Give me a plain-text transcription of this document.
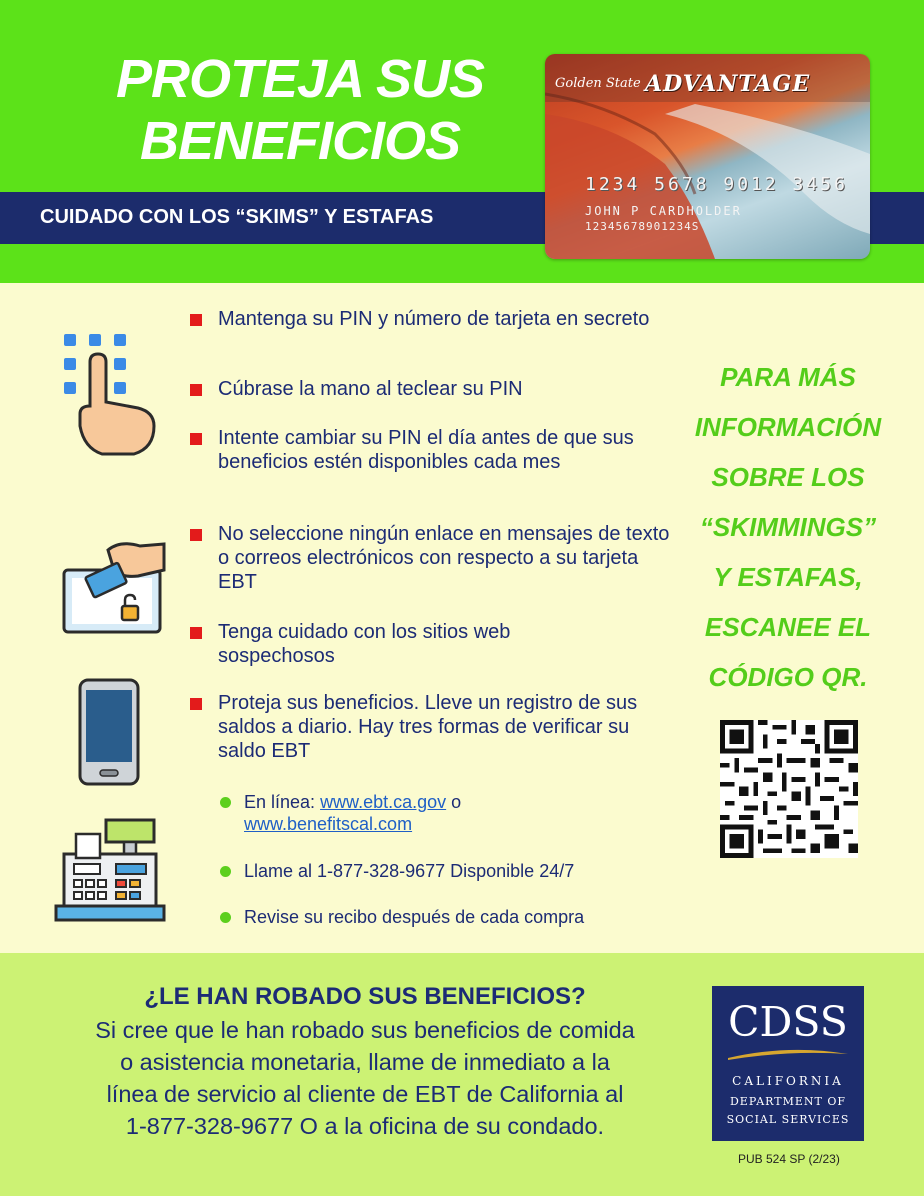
PROTEJA SUS
BENEFICIOS
CUIDADO CON LOS “SKIMS” Y ESTAFAS
Golden State ADVANTAGE
1234 5678 9012 3456
JOHN P CARDHOLDER
12345678901234S
Mantenga su PIN y número de tarjeta en secreto
Cúbrase la mano al teclear su PIN
Intente cambiar su PIN el día antes de que sus beneficios estén disponibles cada mes
No seleccione ningún enlace en mensajes de texto o correos electrónicos con respecto a su tarjeta EBT
Tenga cuidado con los sitios web sospechosos
Proteja sus beneficios. Lleve un registro de sus saldos a diario. Hay tres formas de verificar su saldo EBT
En línea: www.ebt.ca.gov o
www.benefitscal.com
Llame al 1-877-328-9677 Disponible 24/7
Revise su recibo después de cada compra
PARA MÁS
INFORMACIÓN
SOBRE LOS
“SKIMMINGS”
Y ESTAFAS,
ESCANEE EL
CÓDIGO QR.
¿LE HAN ROBADO SUS BENEFICIOS?
Si cree que le han robado sus beneficios de comida
o asistencia monetaria, llame de inmediato a la
línea de servicio al cliente de EBT de California al
1-877-328-9677 O a la oficina de su condado.
CDSS
CALIFORNIA
DEPARTMENT OF
SOCIAL SERVICES
PUB 524 SP (2/23)
